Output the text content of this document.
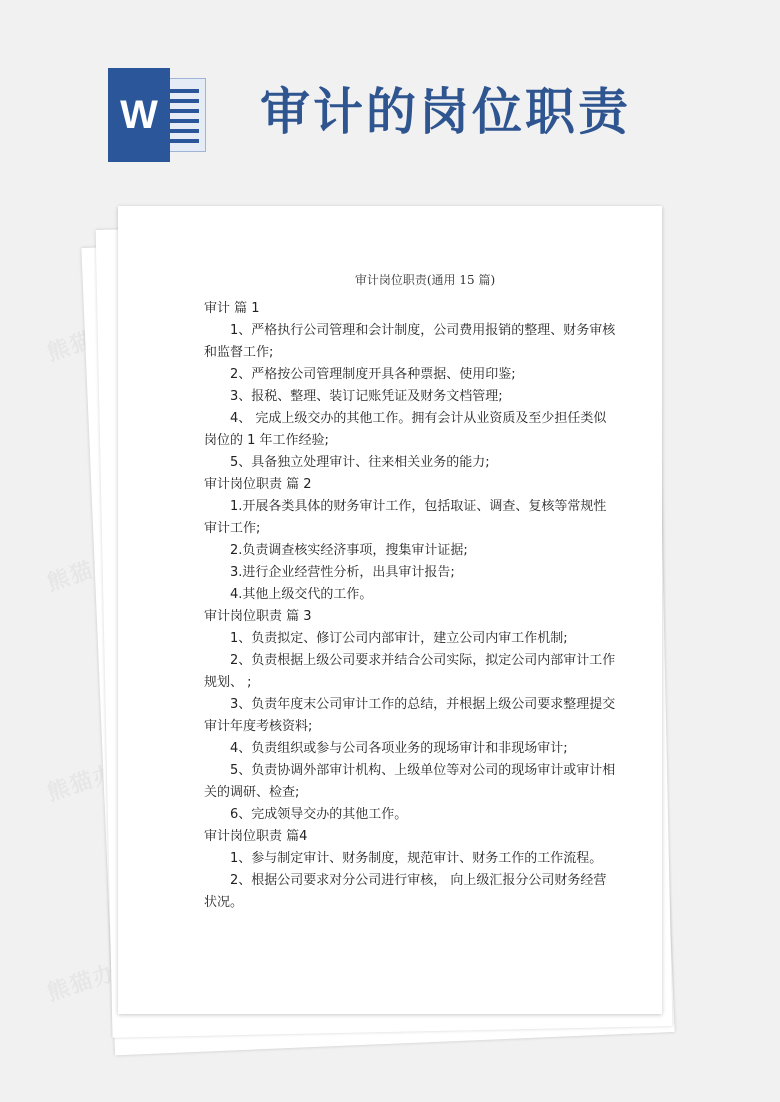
W 审计的岗位职责
审计岗位职责(通用 15 篇)
审计 篇 1
1、严格执行公司管理和会计制度，公司费用报销的整理、财务审核和监督工作;
2、严格按公司管理制度开具各种票据、使用印鉴;
3、报税、整理、装订记账凭证及财务文档管理;
4、 完成上级交办的其他工作。拥有会计从业资质及至少担任类似岗位的 1 年工作经验;
5、具备独立处理审计、往来相关业务的能力;
审计岗位职责 篇 2
1.开展各类具体的财务审计工作，包括取证、调查、复核等常规性审计工作;
2.负责调查核实经济事项，搜集审计证据;
3.进行企业经营性分析，出具审计报告;
4.其他上级交代的工作。
审计岗位职责 篇 3
1、负责拟定、修订公司内部审计，建立公司内审工作机制;
2、负责根据上级公司要求并结合公司实际，拟定公司内部审计工作规划、 ;
3、负责年度末公司审计工作的总结，并根据上级公司要求整理提交审计年度考核资料;
4、负责组织或参与公司各项业务的现场审计和非现场审计;
5、负责协调外部审计机构、上级单位等对公司的现场审计或审计相关的调研、检查;
6、完成领导交办的其他工作。
审计岗位职责 篇4
1、参与制定审计、财务制度，规范审计、财务工作的工作流程。
2、根据公司要求对分公司进行审核， 向上级汇报分公司财务经营状况。
